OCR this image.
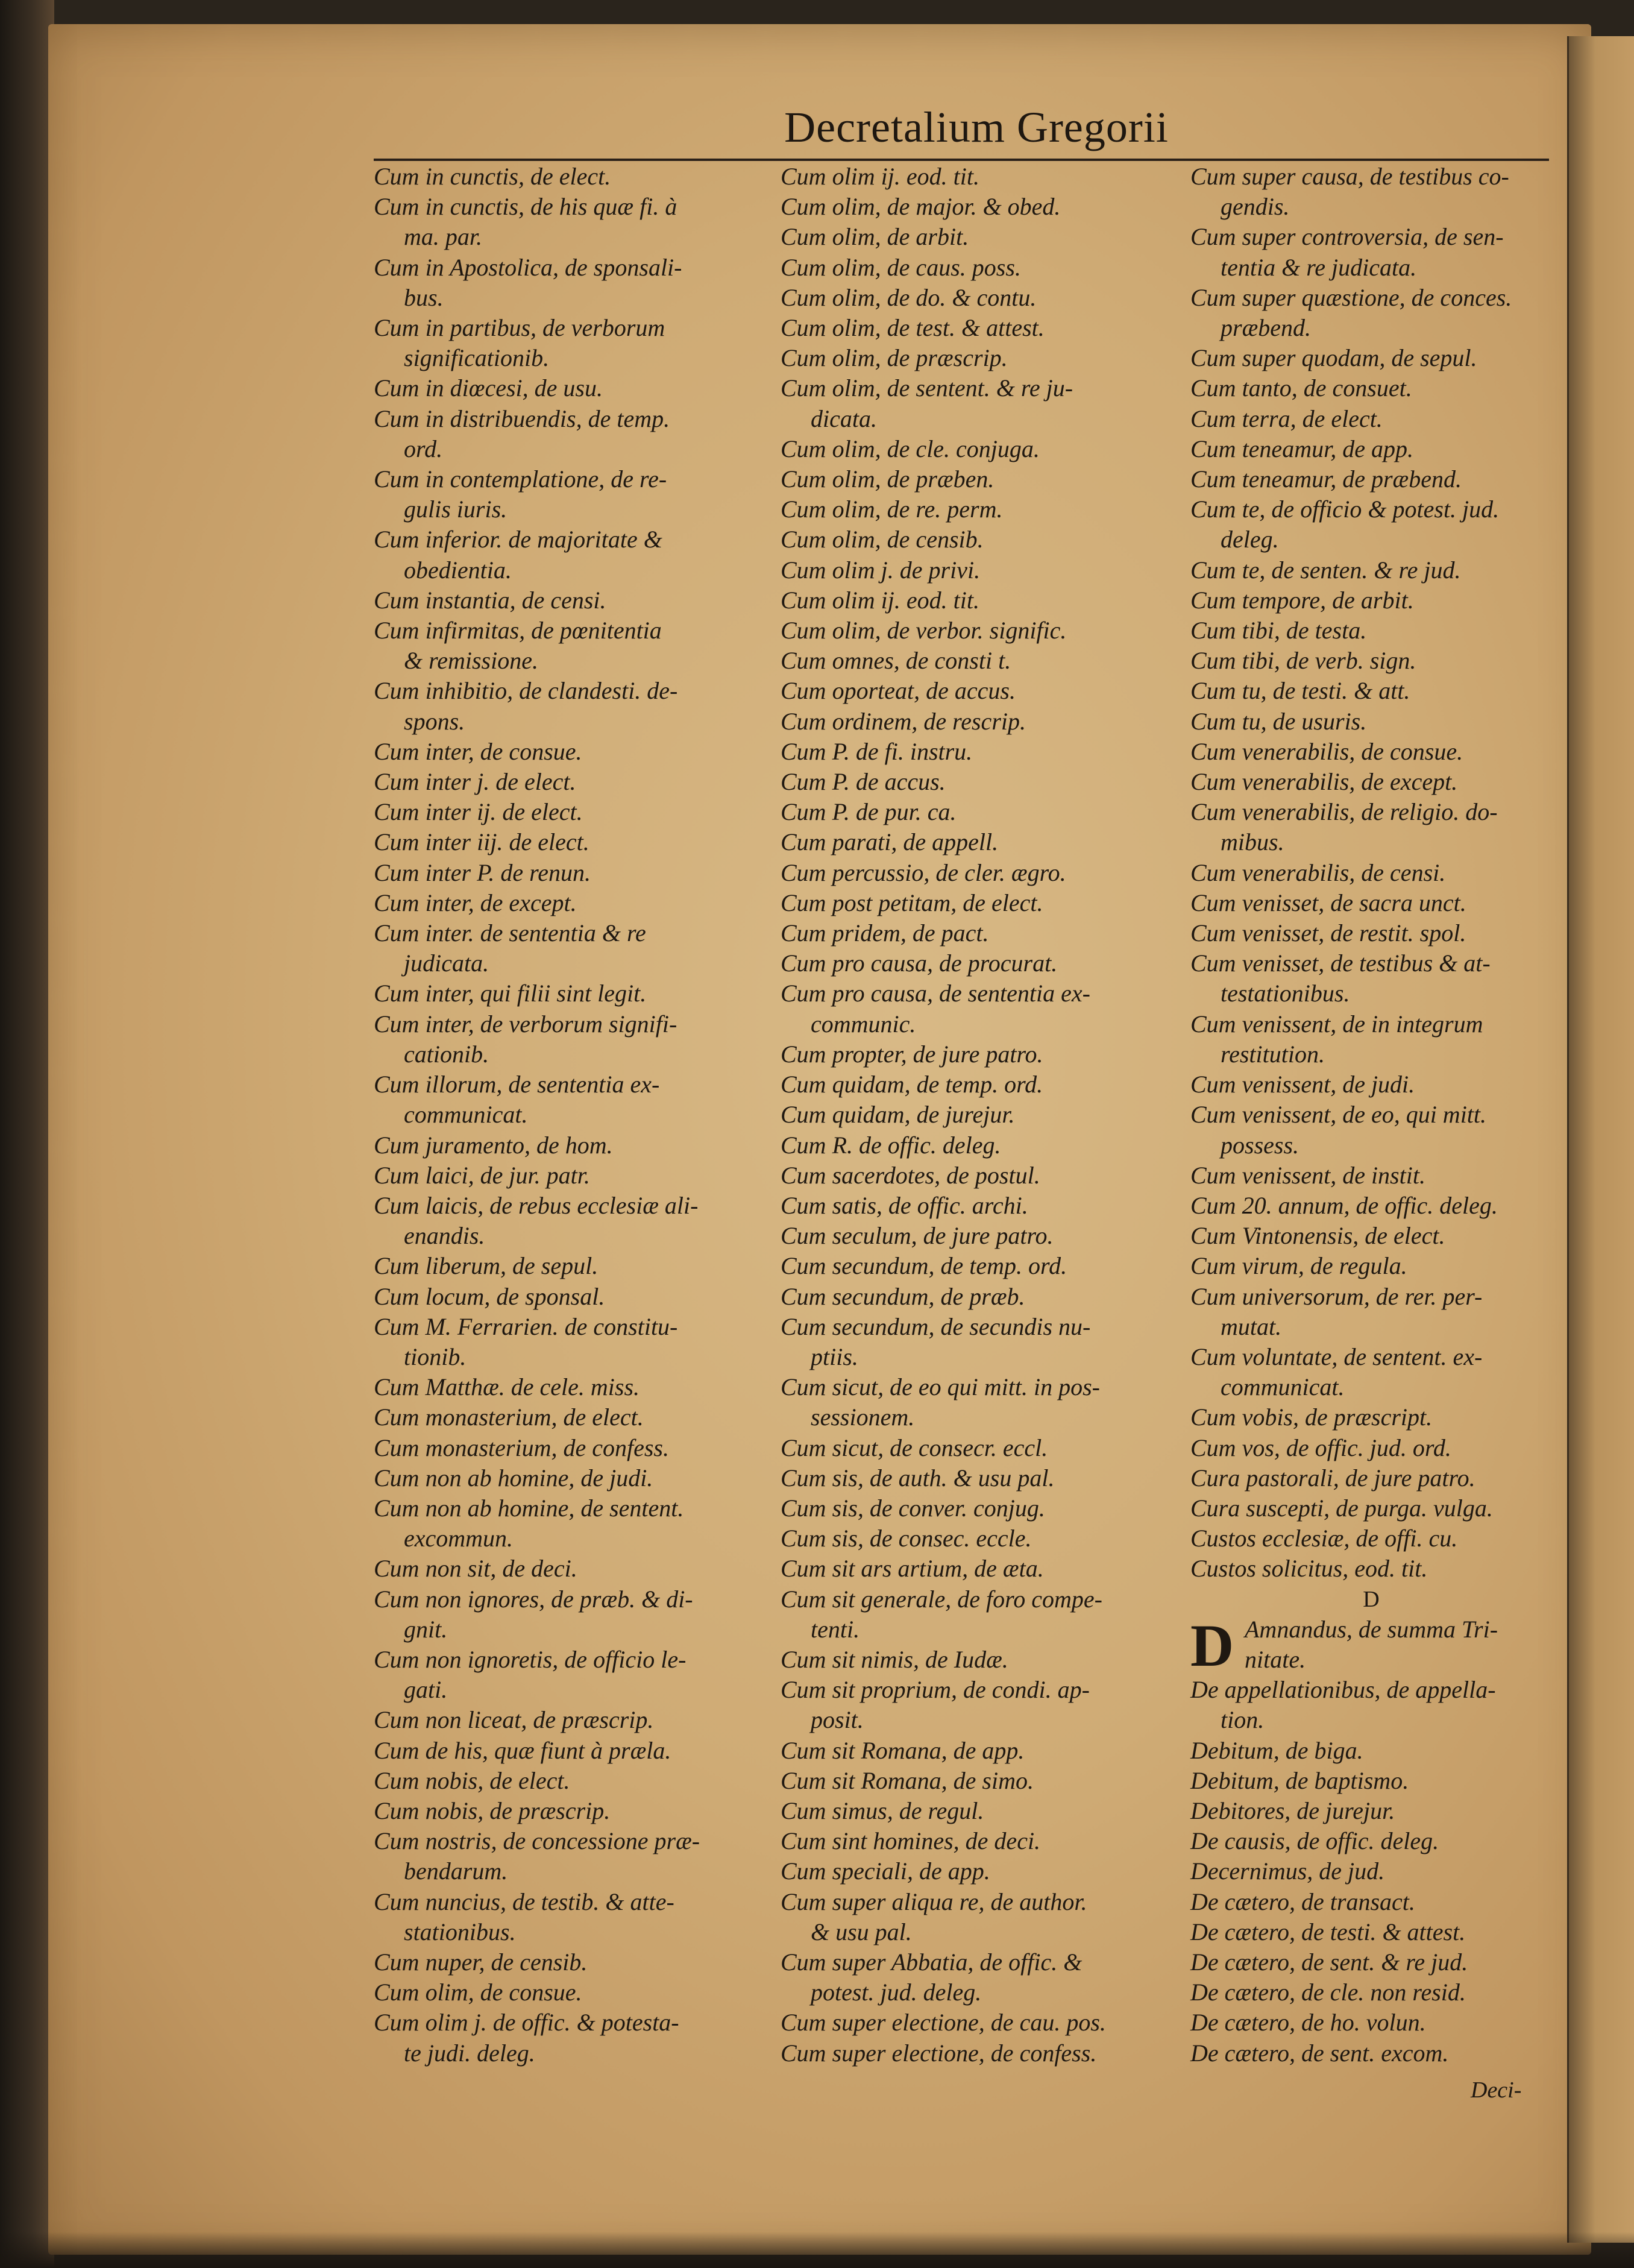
Decretalium Gregorii
Cum in cunctis, de elect.
Cum in cunctis, de his quæ fi. à
ma. par.
Cum in Apostolica, de sponsali-
bus.
Cum in partibus, de verborum
significationib.
Cum in diœcesi, de usu.
Cum in distribuendis, de temp.
ord.
Cum in contemplatione, de re-
gulis iuris.
Cum inferior. de majoritate &
obedientia.
Cum instantia, de censi.
Cum infirmitas, de pœnitentia
& remissione.
Cum inhibitio, de clandesti. de-
spons.
Cum inter, de consue.
Cum inter j. de elect.
Cum inter ij. de elect.
Cum inter iij. de elect.
Cum inter P. de renun.
Cum inter, de except.
Cum inter. de sententia & re
judicata.
Cum inter, qui filii sint legit.
Cum inter, de verborum signifi-
cationib.
Cum illorum, de sententia ex-
communicat.
Cum juramento, de hom.
Cum laici, de jur. patr.
Cum laicis, de rebus ecclesiæ ali-
enandis.
Cum liberum, de sepul.
Cum locum, de sponsal.
Cum M. Ferrarien. de constitu-
tionib.
Cum Matthæ. de cele. miss.
Cum monasterium, de elect.
Cum monasterium, de confess.
Cum non ab homine, de judi.
Cum non ab homine, de sentent.
excommun.
Cum non sit, de deci.
Cum non ignores, de præb. & di-
gnit.
Cum non ignoretis, de officio le-
gati.
Cum non liceat, de præscrip.
Cum de his, quæ fiunt à præla.
Cum nobis, de elect.
Cum nobis, de præscrip.
Cum nostris, de concessione præ-
bendarum.
Cum nuncius, de testib. & atte-
stationibus.
Cum nuper, de censib.
Cum olim, de consue.
Cum olim j. de offic. & potesta-
te judi. deleg.
Cum olim ij. eod. tit.
Cum olim, de major. & obed.
Cum olim, de arbit.
Cum olim, de caus. poss.
Cum olim, de do. & contu.
Cum olim, de test. & attest.
Cum olim, de præscrip.
Cum olim, de sentent. & re ju-
dicata.
Cum olim, de cle. conjuga.
Cum olim, de præben.
Cum olim, de re. perm.
Cum olim, de censib.
Cum olim j. de privi.
Cum olim ij. eod. tit.
Cum olim, de verbor. signific.
Cum omnes, de consti t.
Cum oporteat, de accus.
Cum ordinem, de rescrip.
Cum P. de fi. instru.
Cum P. de accus.
Cum P. de pur. ca.
Cum parati, de appell.
Cum percussio, de cler. ægro.
Cum post petitam, de elect.
Cum pridem, de pact.
Cum pro causa, de procurat.
Cum pro causa, de sententia ex-
communic.
Cum propter, de jure patro.
Cum quidam, de temp. ord.
Cum quidam, de jurejur.
Cum R. de offic. deleg.
Cum sacerdotes, de postul.
Cum satis, de offic. archi.
Cum seculum, de jure patro.
Cum secundum, de temp. ord.
Cum secundum, de præb.
Cum secundum, de secundis nu-
ptiis.
Cum sicut, de eo qui mitt. in pos-
sessionem.
Cum sicut, de consecr. eccl.
Cum sis, de auth. & usu pal.
Cum sis, de conver. conjug.
Cum sis, de consec. eccle.
Cum sit ars artium, de æta.
Cum sit generale, de foro compe-
tenti.
Cum sit nimis, de Iudæ.
Cum sit proprium, de condi. ap-
posit.
Cum sit Romana, de app.
Cum sit Romana, de simo.
Cum simus, de regul.
Cum sint homines, de deci.
Cum speciali, de app.
Cum super aliqua re, de author.
& usu pal.
Cum super Abbatia, de offic. &
potest. jud. deleg.
Cum super electione, de cau. pos.
Cum super electione, de confess.
Cum super causa, de testibus co-
gendis.
Cum super controversia, de sen-
tentia & re judicata.
Cum super quæstione, de conces.
præbend.
Cum super quodam, de sepul.
Cum tanto, de consuet.
Cum terra, de elect.
Cum teneamur, de app.
Cum teneamur, de præbend.
Cum te, de officio & potest. jud.
deleg.
Cum te, de senten. & re jud.
Cum tempore, de arbit.
Cum tibi, de testa.
Cum tibi, de verb. sign.
Cum tu, de testi. & att.
Cum tu, de usuris.
Cum venerabilis, de consue.
Cum venerabilis, de except.
Cum venerabilis, de religio. do-
mibus.
Cum venerabilis, de censi.
Cum venisset, de sacra unct.
Cum venisset, de restit. spol.
Cum venisset, de testibus & at-
testationibus.
Cum venissent, de in integrum
restitution.
Cum venissent, de judi.
Cum venissent, de eo, qui mitt.
possess.
Cum venissent, de instit.
Cum 20. annum, de offic. deleg.
Cum Vintonensis, de elect.
Cum virum, de regula.
Cum universorum, de rer. per-
mutat.
Cum voluntate, de sentent. ex-
communicat.
Cum vobis, de præscript.
Cum vos, de offic. jud. ord.
Cura pastorali, de jure patro.
Cura suscepti, de purga. vulga.
Custos ecclesiæ, de offi. cu.
Custos solicitus, eod. tit.
D
D Amnandus, de summa Tri-
nitate.
De appellationibus, de appella-
tion.
Debitum, de biga.
Debitum, de baptismo.
Debitores, de jurejur.
De causis, de offic. deleg.
Decernimus, de jud.
De cætero, de transact.
De cætero, de testi. & attest.
De cætero, de sent. & re jud.
De cætero, de cle. non resid.
De cætero, de ho. volun.
De cætero, de sent. excom.
Deci-
